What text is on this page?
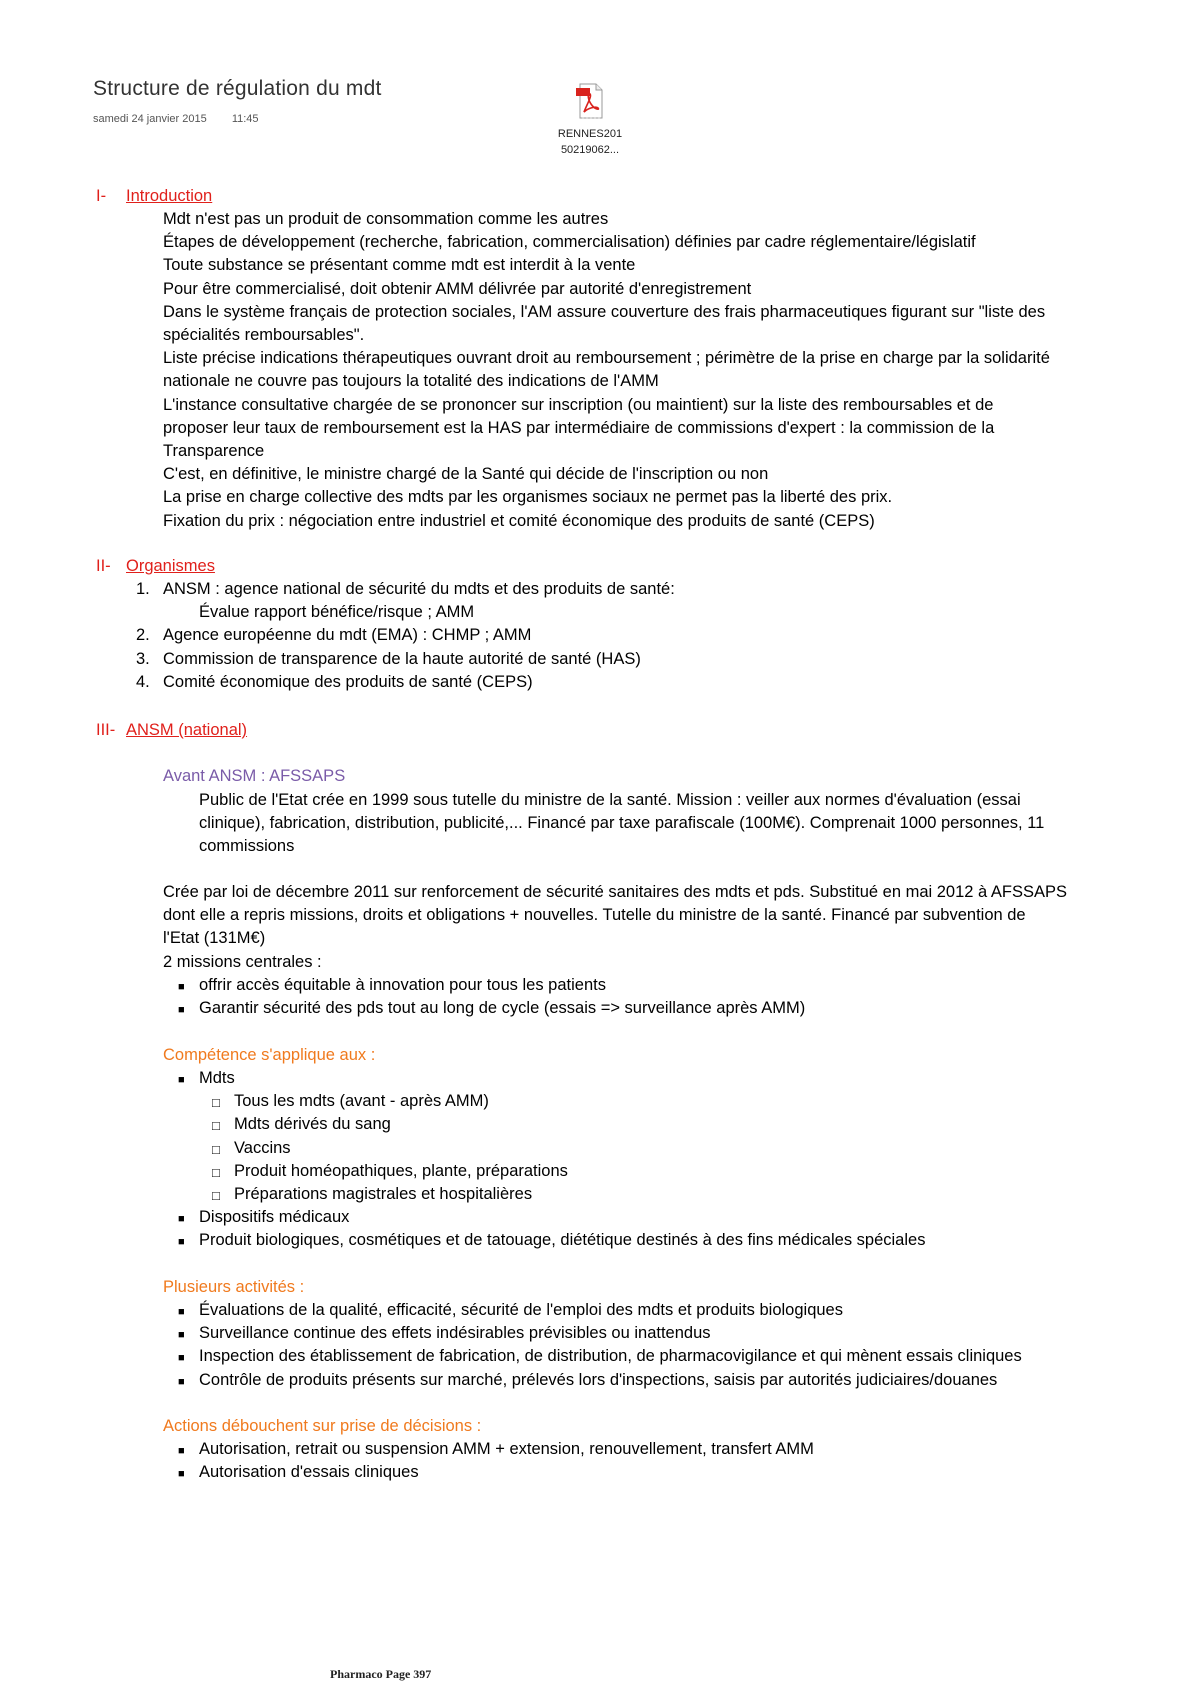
Structure de régulation du mdt
samedi 24 janvier 2015 11:45
RENNES201
50219062...
I- Introduction
Mdt n'est pas un produit de consommation comme les autres
Étapes de développement (recherche, fabrication, commercialisation) définies par cadre réglementaire/législatif
Toute substance se présentant comme mdt est interdit à la vente
Pour être commercialisé, doit obtenir AMM délivrée par autorité d'enregistrement
Dans le système français de protection sociales, l'AM assure couverture des frais pharmaceutiques figurant sur "liste des
spécialités remboursables".
Liste précise indications thérapeutiques ouvrant droit au remboursement ; périmètre de la prise en charge par la solidarité
nationale ne couvre pas toujours la totalité des indications de l'AMM
L'instance consultative chargée de se prononcer sur inscription (ou maintient) sur la liste des remboursables et de
proposer leur taux de remboursement est la HAS par intermédiaire de commissions d'expert : la commission de la
Transparence
C'est, en définitive, le ministre chargé de la Santé qui décide de l'inscription ou non
La prise en charge collective des mdts par les organismes sociaux ne permet pas la liberté des prix.
Fixation du prix : négociation entre industriel et comité économique des produits de santé (CEPS)
II- Organismes
1. ANSM : agence national de sécurité du mdts et des produits de santé:
Évalue rapport bénéfice/risque ; AMM
2. Agence européenne du mdt (EMA) : CHMP ; AMM
3. Commission de transparence de la haute autorité de santé (HAS)
4. Comité économique des produits de santé (CEPS)
III- ANSM (national)
Avant ANSM : AFSSAPS
Public de l'Etat crée en 1999 sous tutelle du ministre de la santé. Mission : veiller aux normes d'évaluation (essai
clinique), fabrication, distribution, publicité,... Financé par taxe parafiscale (100M€). Comprenait 1000 personnes, 11
commissions
Crée par loi de décembre 2011 sur renforcement de sécurité sanitaires des mdts et pds. Substitué en mai 2012 à AFSSAPS
dont elle a repris missions, droits et obligations + nouvelles. Tutelle du ministre de la santé. Financé par subvention de
l'Etat (131M€)
2 missions centrales :
■ offrir accès équitable à innovation pour tous les patients
■ Garantir sécurité des pds tout au long de cycle (essais => surveillance après AMM)
Compétence s'applique aux :
■ Mdts
□ Tous les mdts (avant - après AMM)
□ Mdts dérivés du sang
□ Vaccins
□ Produit homéopathiques, plante, préparations
□ Préparations magistrales et hospitalières
■ Dispositifs médicaux
■ Produit biologiques, cosmétiques et de tatouage, diététique destinés à des fins médicales spéciales
Plusieurs activités :
■ Évaluations de la qualité, efficacité, sécurité de l'emploi des mdts et produits biologiques
■ Surveillance continue des effets indésirables prévisibles ou inattendus
■ Inspection des établissement de fabrication, de distribution, de pharmacovigilance et qui mènent essais cliniques
■ Contrôle de produits présents sur marché, prélevés lors d'inspections, saisis par autorités judiciaires/douanes
Actions débouchent sur prise de décisions :
■ Autorisation, retrait ou suspension AMM + extension, renouvellement, transfert AMM
■ Autorisation d'essais cliniques
Pharmaco Page 397
